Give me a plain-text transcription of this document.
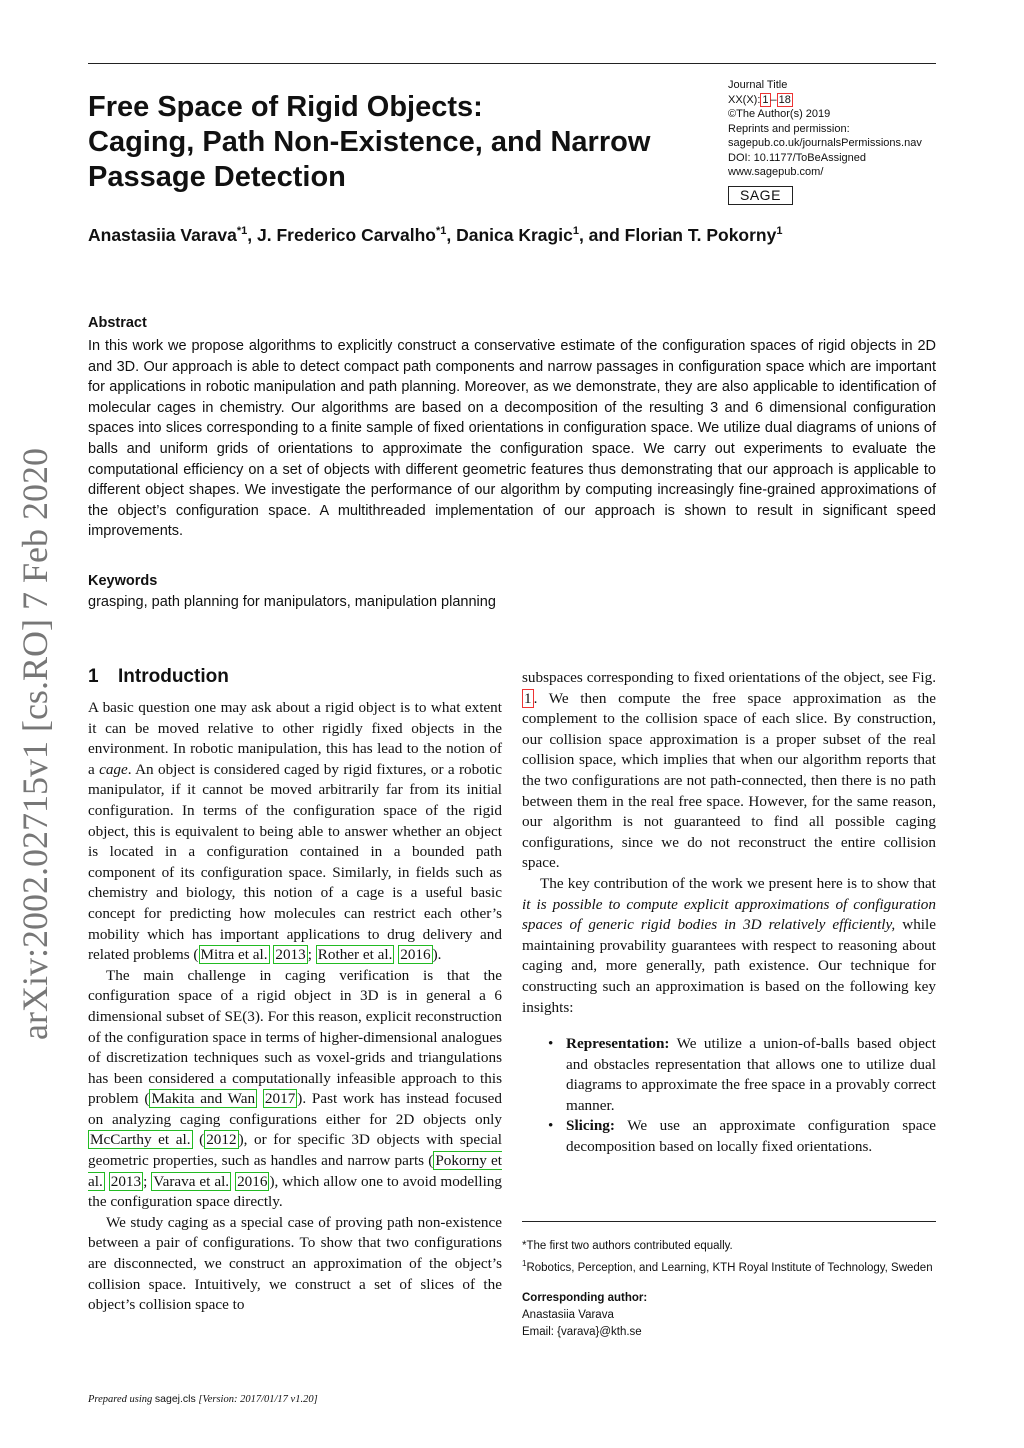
Free Space of Rigid Objects:
Caging, Path Non-Existence, and Narrow
Passage Detection
Journal Title
XX(X): 1 – 18
©The Author(s) 2019
Reprints and permission:
sagepub.co.uk/journalsPermissions.nav
DOI: 10.1177/ToBeAssigned
www.sagepub.com/
SAGE
Anastasiia Varava$^{*1}$, J. Frederico Carvalho$^{*1}$, Danica Kragic$^1$, and Florian T. Pokorny$^1$
arXiv:2002.02715v1 [cs.RO] 7 Feb 2020
Abstract
In this work we propose algorithms to explicitly construct a conservative estimate of the configuration spaces of rigid objects in 2D and 3D. Our approach is able to detect compact path components and narrow passages in configuration space which are important for applications in robotic manipulation and path planning. Moreover, as we demonstrate, they are also applicable to identification of molecular cages in chemistry. Our algorithms are based on a decomposition of the resulting 3 and 6 dimensional configuration spaces into slices corresponding to a finite sample of fixed orientations in configuration space. We utilize dual diagrams of unions of balls and uniform grids of orientations to approximate the configuration space. We carry out experiments to evaluate the computational efficiency on a set of objects with different geometric features thus demonstrating that our approach is applicable to different object shapes. We investigate the performance of our algorithm by computing increasingly fine-grained approximations of the object’s configuration space. A multithreaded implementation of our approach is shown to result in significant speed improvements.
Keywords
grasping, path planning for manipulators, manipulation planning
1 Introduction

A basic question one may ask about a rigid object is to what extent it can be moved relative to other rigidly fixed objects in the environment. In robotic manipulation, this has lead to the notion of a cage. An object is considered caged by rigid fixtures, or a robotic manipulator, if it cannot be moved arbitrarily far from its initial configuration. In terms of the configuration space of the rigid object, this is equivalent to being able to answer whether an object is located in a configuration contained in a bounded path component of its configuration space. Similarly, in fields such as chemistry and biology, this notion of a cage is a useful basic concept for predicting how molecules can restrict each other’s mobility which has important applications to drug delivery and related problems ( Mitra et al. 2013 ; Rother et al. 2016 ).

The main challenge in caging verification is that the configuration space of a rigid object in 3D is in general a 6 dimensional subset of SE(3). For this reason, explicit reconstruction of the configuration space in terms of higher-dimensional analogues of discretization techniques such as voxel-grids and triangulations has been considered a computationally infeasible approach to this problem ( Makita and Wan 2017 ). Past work has instead focused on analyzing caging configurations either for 2D objects only McCarthy et al. ( 2012 ), or for specific 3D objects with special geometric properties, such as handles and narrow parts ( Pokorny et al. 2013 ; Varava et al. 2016 ), which allow one to avoid modelling the configuration space directly.

We study caging as a special case of proving path non-existence between a pair of configurations. To show that two configurations are disconnected, we construct an approximation of the object’s collision space. Intuitively, we construct a set of slices of the object’s collision space to

subspaces corresponding to fixed orientations of the object, see Fig. 1 . We then compute the free space approximation as the complement to the collision space of each slice. By construction, our collision space approximation is a proper subset of the real collision space, which implies that when our algorithm reports that the two configurations are not path-connected, then there is no path between them in the real free space. However, for the same reason, our algorithm is not guaranteed to find all possible caging configurations, since we do not reconstruct the entire collision space.

The key contribution of the work we present here is to show that it is possible to compute explicit approximations of configuration spaces of generic rigid bodies in 3D relatively efficiently, while maintaining provability guarantees with respect to reasoning about caging and, more generally, path existence. Our technique for constructing such an approximation is based on the following key insights:

• Representation: We utilize a union-of-balls based object and obstacles representation that allows one to utilize dual diagrams to approximate the free space in a provably correct manner.
• Slicing: We use an approximate configuration space decomposition based on locally fixed orientations.
*The first two authors contributed equally.
$^1$Robotics, Perception, and Learning, KTH Royal Institute of Technology, Sweden
Corresponding author:
Anastasiia Varava
Email: {varava}@kth.se
Prepared using sagej.cls [Version: 2017/01/17 v1.20]
